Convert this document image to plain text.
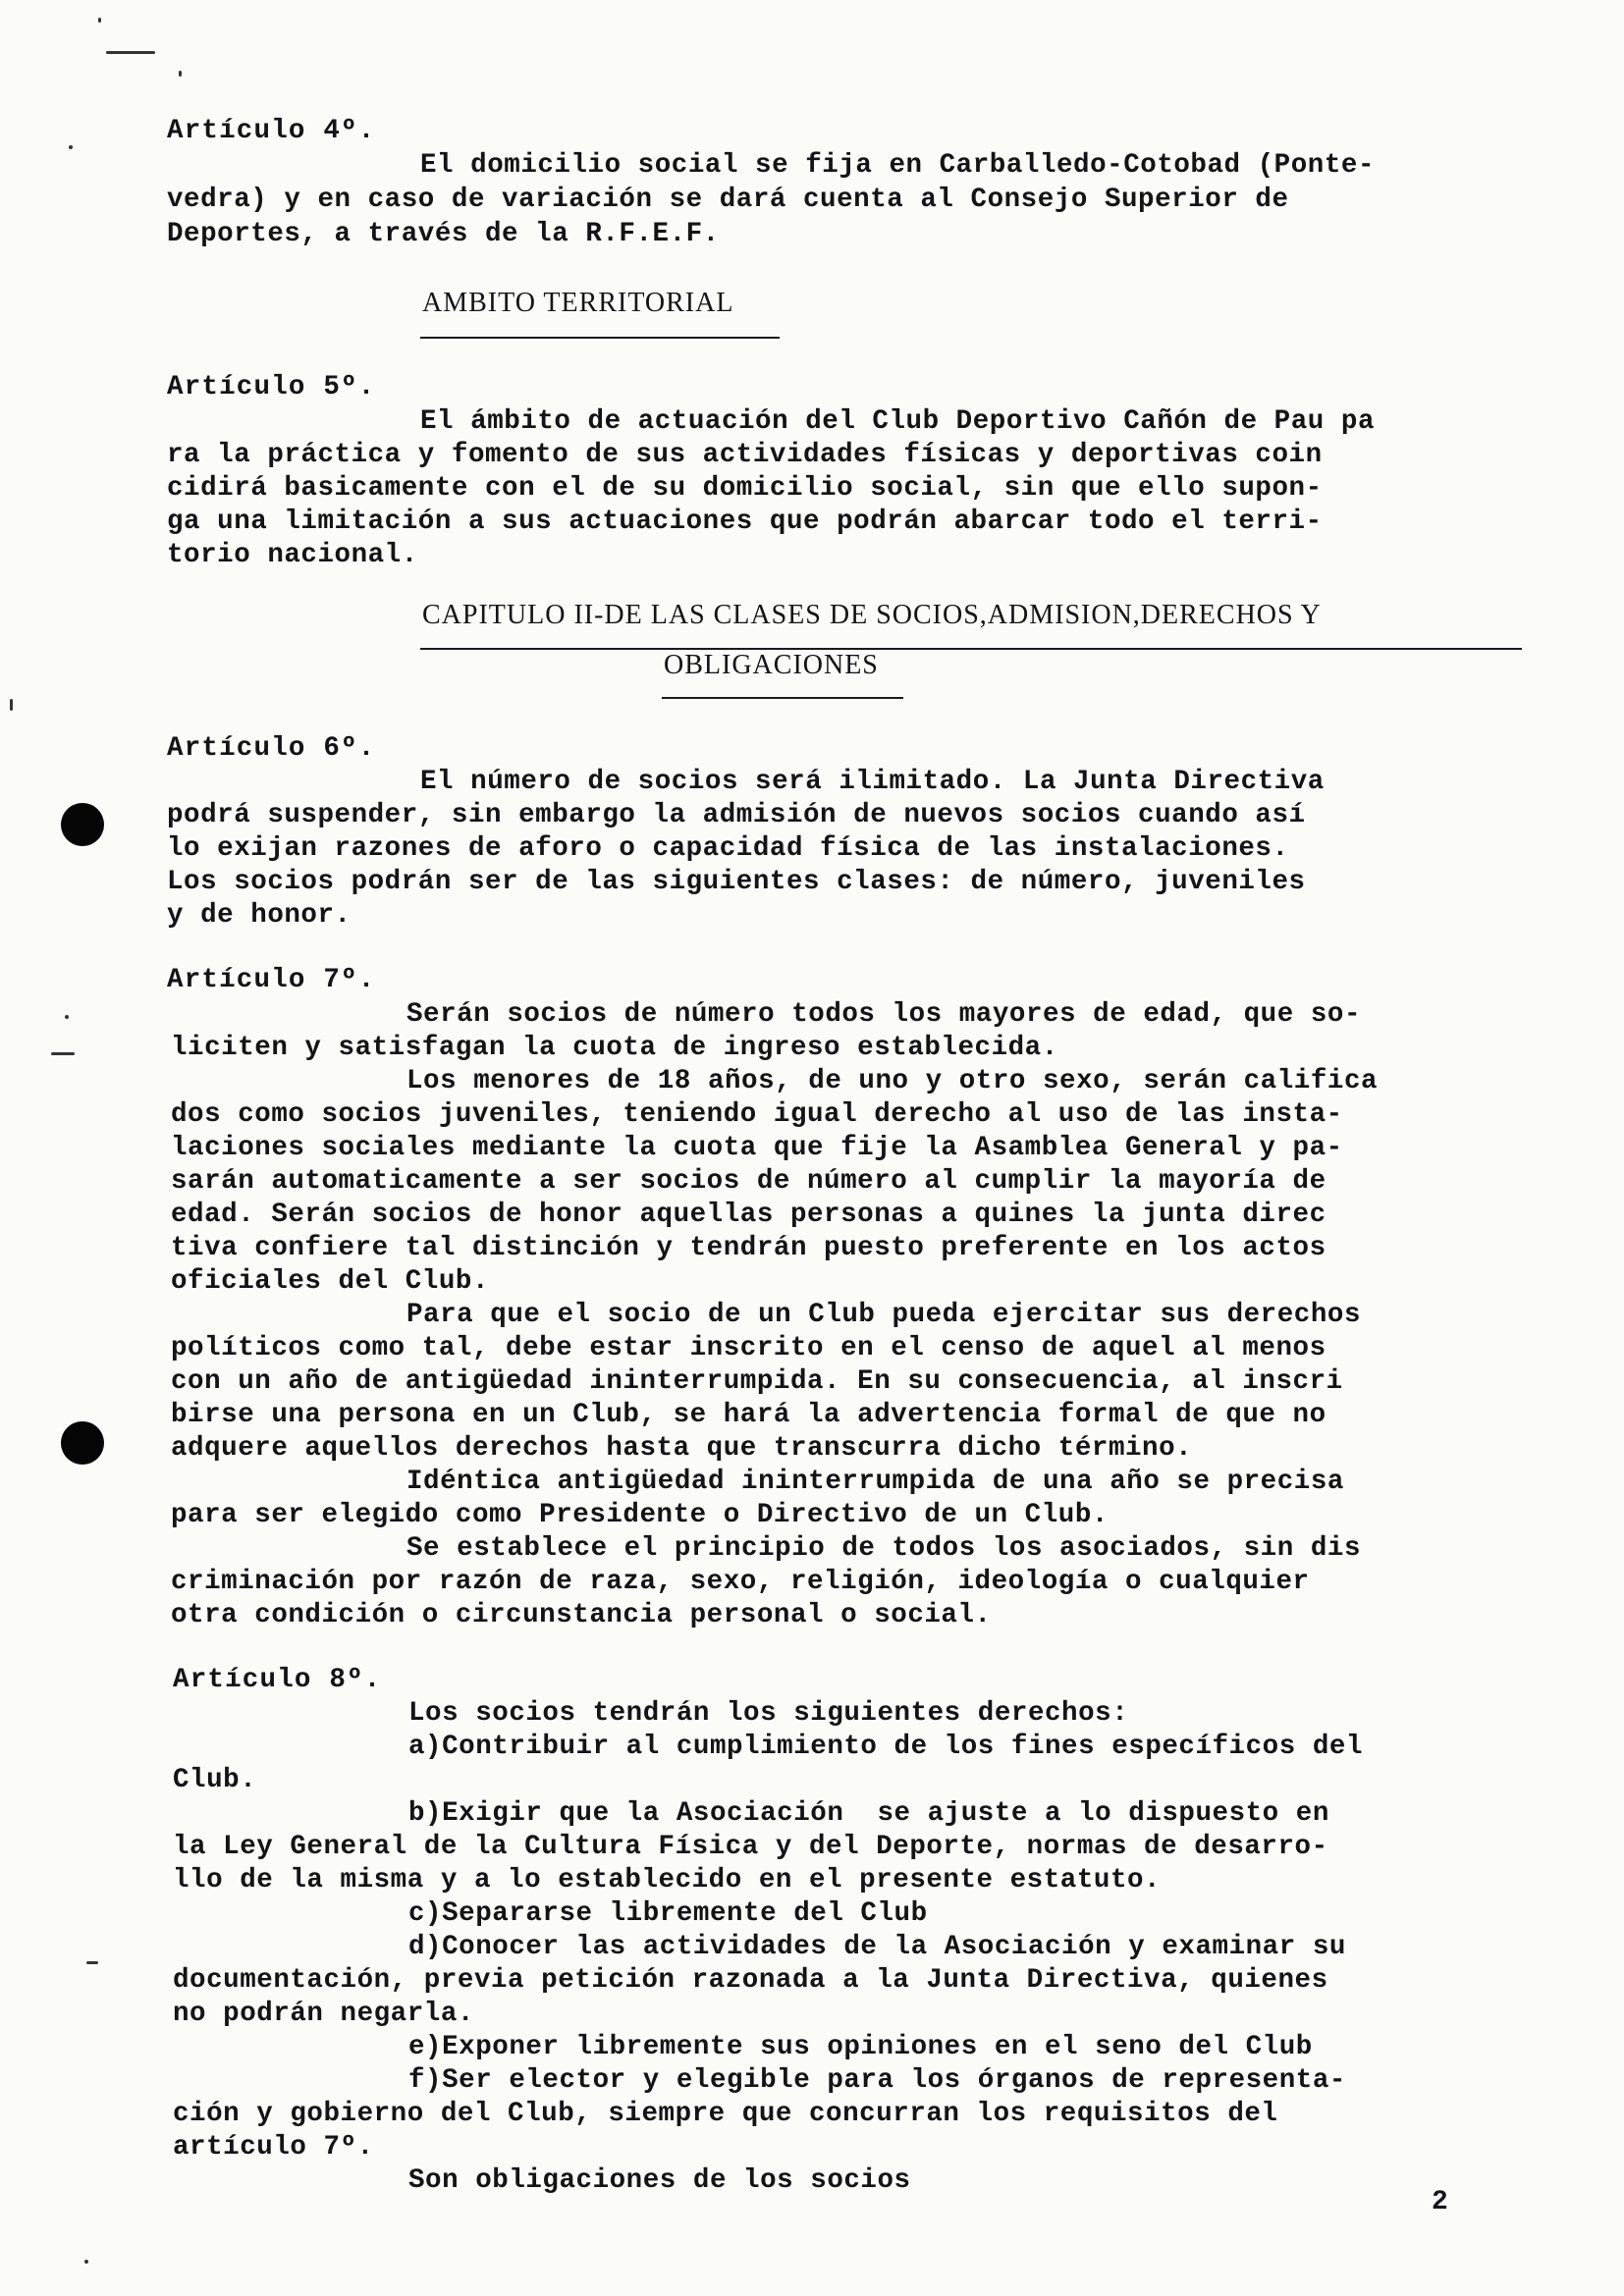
Artículo 4º.
El domicilio social se fija en Carballedo-Cotobad (Ponte-
vedra) y en caso de variación se dará cuenta al Consejo Superior de
Deportes, a través de la R.F.E.F.
AMBITO TERRITORIAL
Artículo 5º.
El ámbito de actuación del Club Deportivo Cañón de Pau pa
ra la práctica y fomento de sus actividades físicas y deportivas coin
cidirá basicamente con el de su domicilio social, sin que ello supon-
ga una limitación a sus actuaciones que podrán abarcar todo el terri-
torio nacional.
CAPITULO II-DE LAS CLASES DE SOCIOS,ADMISION,DERECHOS Y
OBLIGACIONES
Artículo 6º.
El número de socios será ilimitado. La Junta Directiva
podrá suspender, sin embargo la admisión de nuevos socios cuando así
lo exijan razones de aforo o capacidad física de las instalaciones.
Los socios podrán ser de las siguientes clases: de número, juveniles
y de honor.
Artículo 7º.
Serán socios de número todos los mayores de edad, que so-
liciten y satisfagan la cuota de ingreso establecida.
Los menores de 18 años, de uno y otro sexo, serán califica
dos como socios juveniles, teniendo igual derecho al uso de las insta-
laciones sociales mediante la cuota que fije la Asamblea General y pa-
sarán automaticamente a ser socios de número al cumplir la mayoría de
edad. Serán socios de honor aquellas personas a quines la junta direc
tiva confiere tal distinción y tendrán puesto preferente en los actos
oficiales del Club.
Para que el socio de un Club pueda ejercitar sus derechos
políticos como tal, debe estar inscrito en el censo de aquel al menos
con un año de antigüedad ininterrumpida. En su consecuencia, al inscri
birse una persona en un Club, se hará la advertencia formal de que no
adquere aquellos derechos hasta que transcurra dicho término.
Idéntica antigüedad ininterrumpida de una año se precisa
para ser elegido como Presidente o Directivo de un Club.
Se establece el principio de todos los asociados, sin dis
criminación por razón de raza, sexo, religión, ideología o cualquier
otra condición o circunstancia personal o social.
Artículo 8º.
Los socios tendrán los siguientes derechos:
a)Contribuir al cumplimiento de los fines específicos del
Club.
b)Exigir que la Asociación  se ajuste a lo dispuesto en
la Ley General de la Cultura Física y del Deporte, normas de desarro-
llo de la misma y a lo establecido en el presente estatuto.
c)Separarse libremente del Club
d)Conocer las actividades de la Asociación y examinar su
documentación, previa petición razonada a la Junta Directiva, quienes
no podrán negarla.
e)Exponer libremente sus opiniones en el seno del Club
f)Ser elector y elegible para los órganos de representa-
ción y gobierno del Club, siempre que concurran los requisitos del
artículo 7º.
Son obligaciones de los socios
2
